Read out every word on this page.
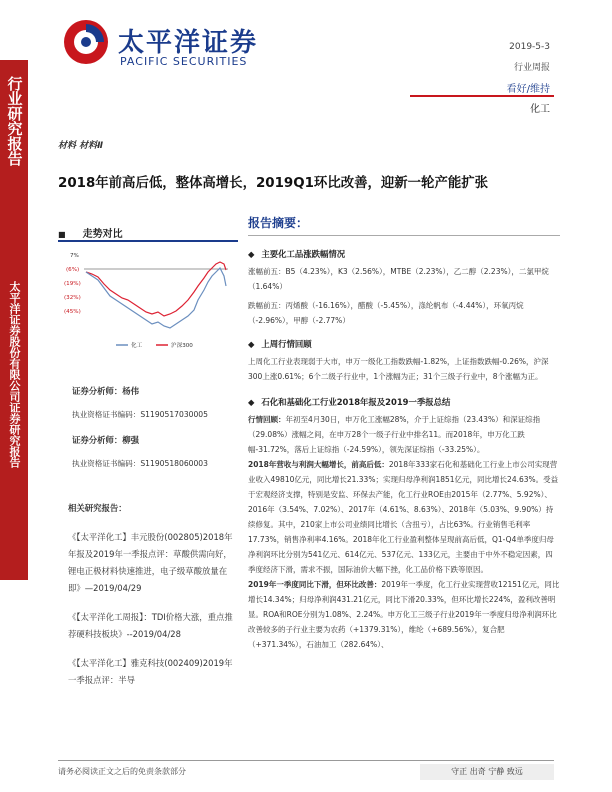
太平洋证券
PACIFIC SECURITIES
2019-5-3
行业周报
看好/维持
化工
行业研究报告
太平洋证券股份有限公司证券研究报告
材料 材料Ⅱ
2018年前高后低，整体高增长，2019Q1环比改善，迎新一轮产能扩张
■ 走势对比
7%
(6%)
(19%)
(32%)
(45%)
化工	沪深300
证券分析师：杨伟
执业资格证书编码：S1190517030005
证券分析师：柳强
执业资格证书编码：S1190518060003
相关研究报告：
《【太平洋化工】丰元股份(002805)2018年年报及2019年一季报点评：草酸供需向好，锂电正极材料快速推进，电子级草酸放量在即》—2019/04/29
《【太平洋化工周报】：TDI价格大涨，重点推荐硬科技板块》--2019/04/28
《【太平洋化工】雅克科技(002409)2019年一季报点评：半导
报告摘要：
◆ 主要化工品涨跌幅情况
涨幅前五：B5（4.23%），K3（2.56%），MTBE（2.23%），乙二醇（2.23%），二氯甲烷（1.64%）
跌幅前五：丙烯酸（-16.16%），醋酸（-5.45%），涤纶帆布（-4.44%），环氧丙烷（-2.96%），甲醇（-2.77%）
◆ 上周行情回顾
上周化工行业表现弱于大市，申万一级化工指数跌幅-1.82%，上证指数跌幅-0.26%，沪深300上涨0.61%；6个二级子行业中，1个涨幅为正；31个三级子行业中，8个涨幅为正。
◆ 石化和基础化工行业2018年报及2019一季报总结
行情回顾：年初至4月30日，申万化工涨幅28%，介于上证综指（23.43%）和深证综指（29.08%）涨幅之间，在申万28个一级子行业中排名11。而2018年，申万化工跌幅-31.72%，落后上证综指（-24.59%），领先深证综指（-33.25%）。
2018年营收与利润大幅增长，前高后低：2018年333家石化和基础化工行业上市公司实现营业收入49810亿元，同比增长21.33%；实现归母净利润1851亿元，同比增长24.63%。受益于宏观经济支撑，特别是安监、环保去产能，化工行业ROE由2015年（2.77%、5.92%）、2016年（3.54%、7.02%）、2017年（4.61%、8.63%）、2018年（5.03%、9.90%）持续修复。其中，210家上市公司业绩同比增长（含扭亏），占比63%。行业销售毛利率17.73%，销售净利率4.16%。2018年化工行业盈利整体呈现前高后低，Q1-Q4单季度归母净利润环比分别为541亿元、614亿元、537亿元、133亿元，主要由于中外不稳定因素，四季度经济下滑，需求不振，国际油价大幅下挫，化工品价格下跌等原因。
2019年一季度同比下滑，但环比改善：2019年一季度，化工行业实现营收12151亿元，同比增长14.34%；归母净利润431.21亿元，同比下滑20.33%，但环比增长224%，盈利改善明显。ROA和ROE分别为1.08%、2.24%。申万化工三级子行业2019年一季度归母净利润环比改善较多的子行业主要为农药（+1379.31%），维纶（+689.56%），复合肥（+371.34%），石油加工（282.64%）、
请务必阅读正文之后的免责条款部分	守正 出奇 宁静 致远
